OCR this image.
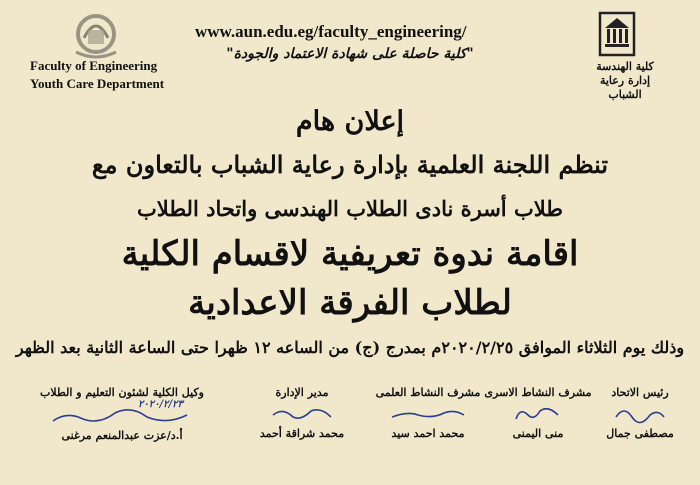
Faculty of Engineering
Youth Care Department
www.aun.edu.eg/faculty_engineering/
"كلية حاصلة على شهادة الاعتماد والجودة"
كلية الهندسة
إدارة رعاية الشباب
إعلان هام
تنظم اللجنة العلمية بإدارة رعاية الشباب بالتعاون مع
طلاب أسرة نادى الطلاب الهندسى واتحاد الطلاب
اقامة ندوة تعريفية لاقسام الكلية
لطلاب الفرقة الاعدادية
وذلك يوم الثلاثاء الموافق ٢٠٢٠/٢/٢٥م بمدرج (ج) من الساعه ١٢ ظهرا حتى الساعة الثانية بعد الظهر
رئيس الاتحاد
مصطفى جمال
مشرف النشاط الاسرى
منى اليمنى
مشرف النشاط العلمى
محمد احمد سيد
مدير الإدارة
محمد شراقة أحمد
وكيل الكلية لشئون التعليم و الطلاب
٢٠٢٠/٢/٢٣
أ.د/عزت عبدالمنعم مرغنى
